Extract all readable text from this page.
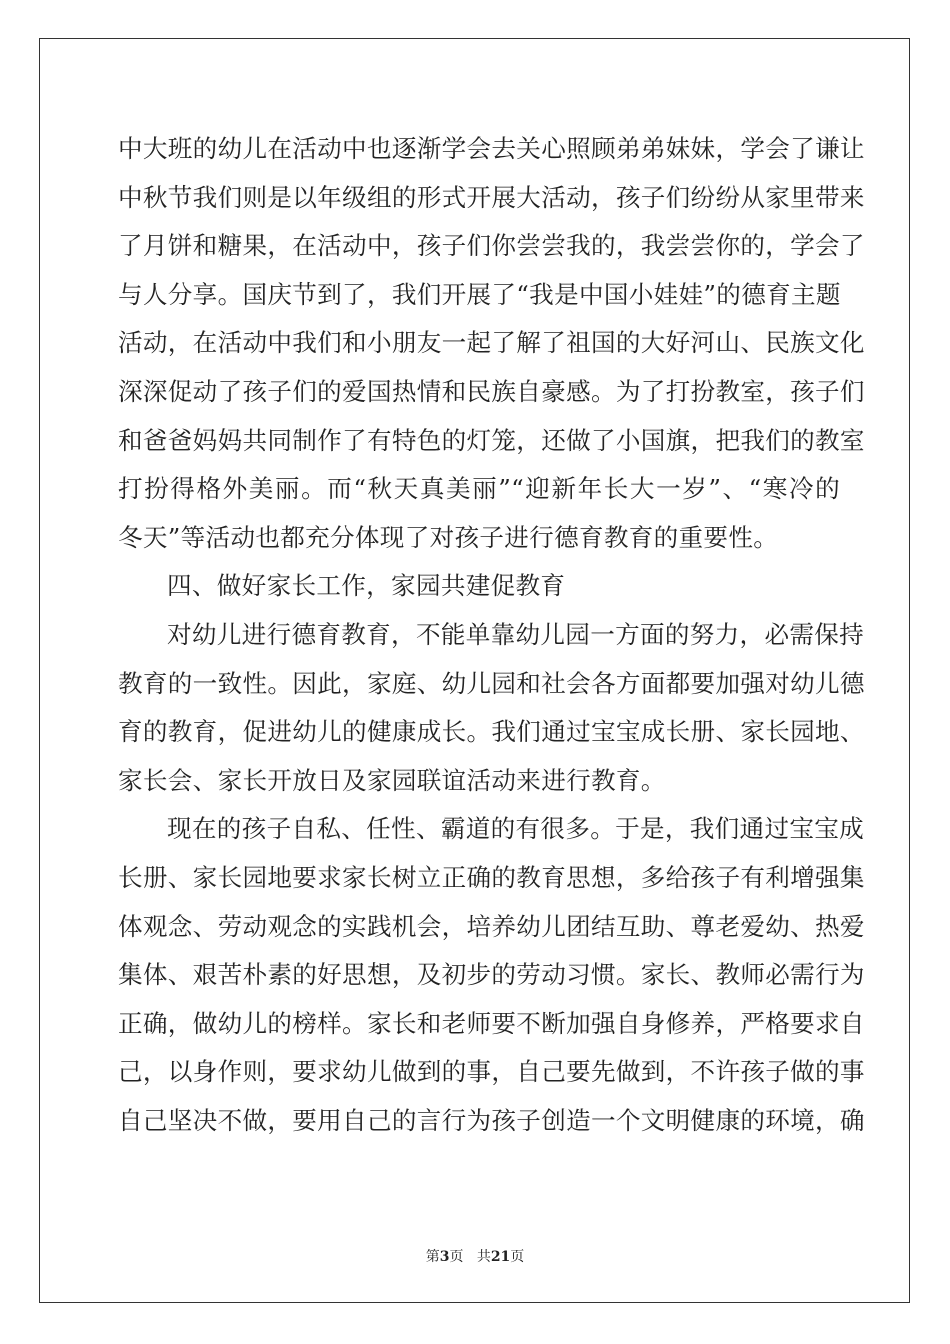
中大班的幼儿在活动中也逐渐学会去关心照顾弟弟妹妹，学会了谦让
中秋节我们则是以年级组的形式开展大活动，孩子们纷纷从家里带来
了月饼和糖果，在活动中，孩子们你尝尝我的，我尝尝你的，学会了
与人分享。国庆节到了，我们开展了“我是中国小娃娃”的德育主题
活动，在活动中我们和小朋友一起了解了祖国的大好河山、民族文化
深深促动了孩子们的爱国热情和民族自豪感。为了打扮教室，孩子们
和爸爸妈妈共同制作了有特色的灯笼，还做了小国旗，把我们的教室
打扮得格外美丽。而“秋天真美丽”“迎新年长大一岁”、“寒冷的
冬天”等活动也都充分体现了对孩子进行德育教育的重要性。
四、做好家长工作，家园共建促教育
对幼儿进行德育教育，不能单靠幼儿园一方面的努力，必需保持
教育的一致性。因此，家庭、幼儿园和社会各方面都要加强对幼儿德
育的教育，促进幼儿的健康成长。我们通过宝宝成长册、家长园地、
家长会、家长开放日及家园联谊活动来进行教育。
现在的孩子自私、任性、霸道的有很多。于是，我们通过宝宝成
长册、家长园地要求家长树立正确的教育思想，多给孩子有利增强集
体观念、劳动观念的实践机会，培养幼儿团结互助、尊老爱幼、热爱
集体、艰苦朴素的好思想，及初步的劳动习惯。家长、教师必需行为
正确，做幼儿的榜样。家长和老师要不断加强自身修养，严格要求自
己，以身作则，要求幼儿做到的事，自己要先做到，不许孩子做的事
自己坚决不做，要用自己的言行为孩子创造一个文明健康的环境，确
第3页 共21页
